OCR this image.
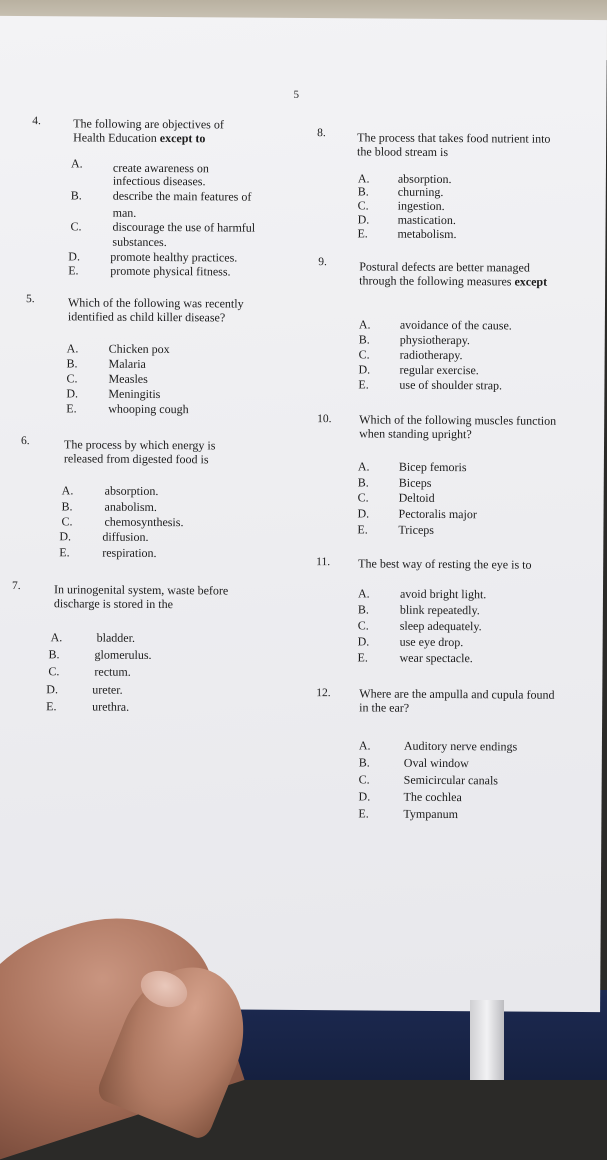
5
4.	The following are objectives of Health Education except to
A.	create awareness on
infectious diseases.
B.	describe the main features of
man.
C.	discourage the use of harmful
substances.
D.	promote healthy practices.
E.	promote physical fitness.
5.	Which of the following was recently identified as child killer disease?
A.	Chicken pox
B.	Malaria
C.	Measles
D.	Meningitis
E.	whooping cough
6.	The process by which energy is released from digested food is
A.	absorption.
B.	anabolism.
C.	chemosynthesis.
D.	diffusion.
E.	respiration.
7.	In urinogenital system, waste before discharge is stored in the
A.	bladder.
B.	glomerulus.
C.	rectum.
D.	ureter.
E.	urethra.
8.	The process that takes food nutrient into the blood stream is
A. absorption.
B. churning.
C. ingestion.
D. mastication.
E. metabolism.
9.	Postural defects are better managed through the following measures except
A. avoidance of the cause.
B. physiotherapy.
C. radiotherapy.
D. regular exercise.
E.	use of shoulder strap.
10. Which of the following muscles function when standing upright?
A. Bicep femoris
B. Biceps
C. Deltoid
D. Pectoralis major
E.	Triceps
11. The best way of resting the eye is to
A.	avoid bright light.
B.	blink repeatedly.
C.	sleep adequately.
D.	use eye drop.
E.	wear spectacle.
12. Where are the ampulla and cupula found in the ear?
A.	Auditory nerve endings
B.	Oval window
C.	Semicircular canals
D.	The cochlea
E.	Tympanum
